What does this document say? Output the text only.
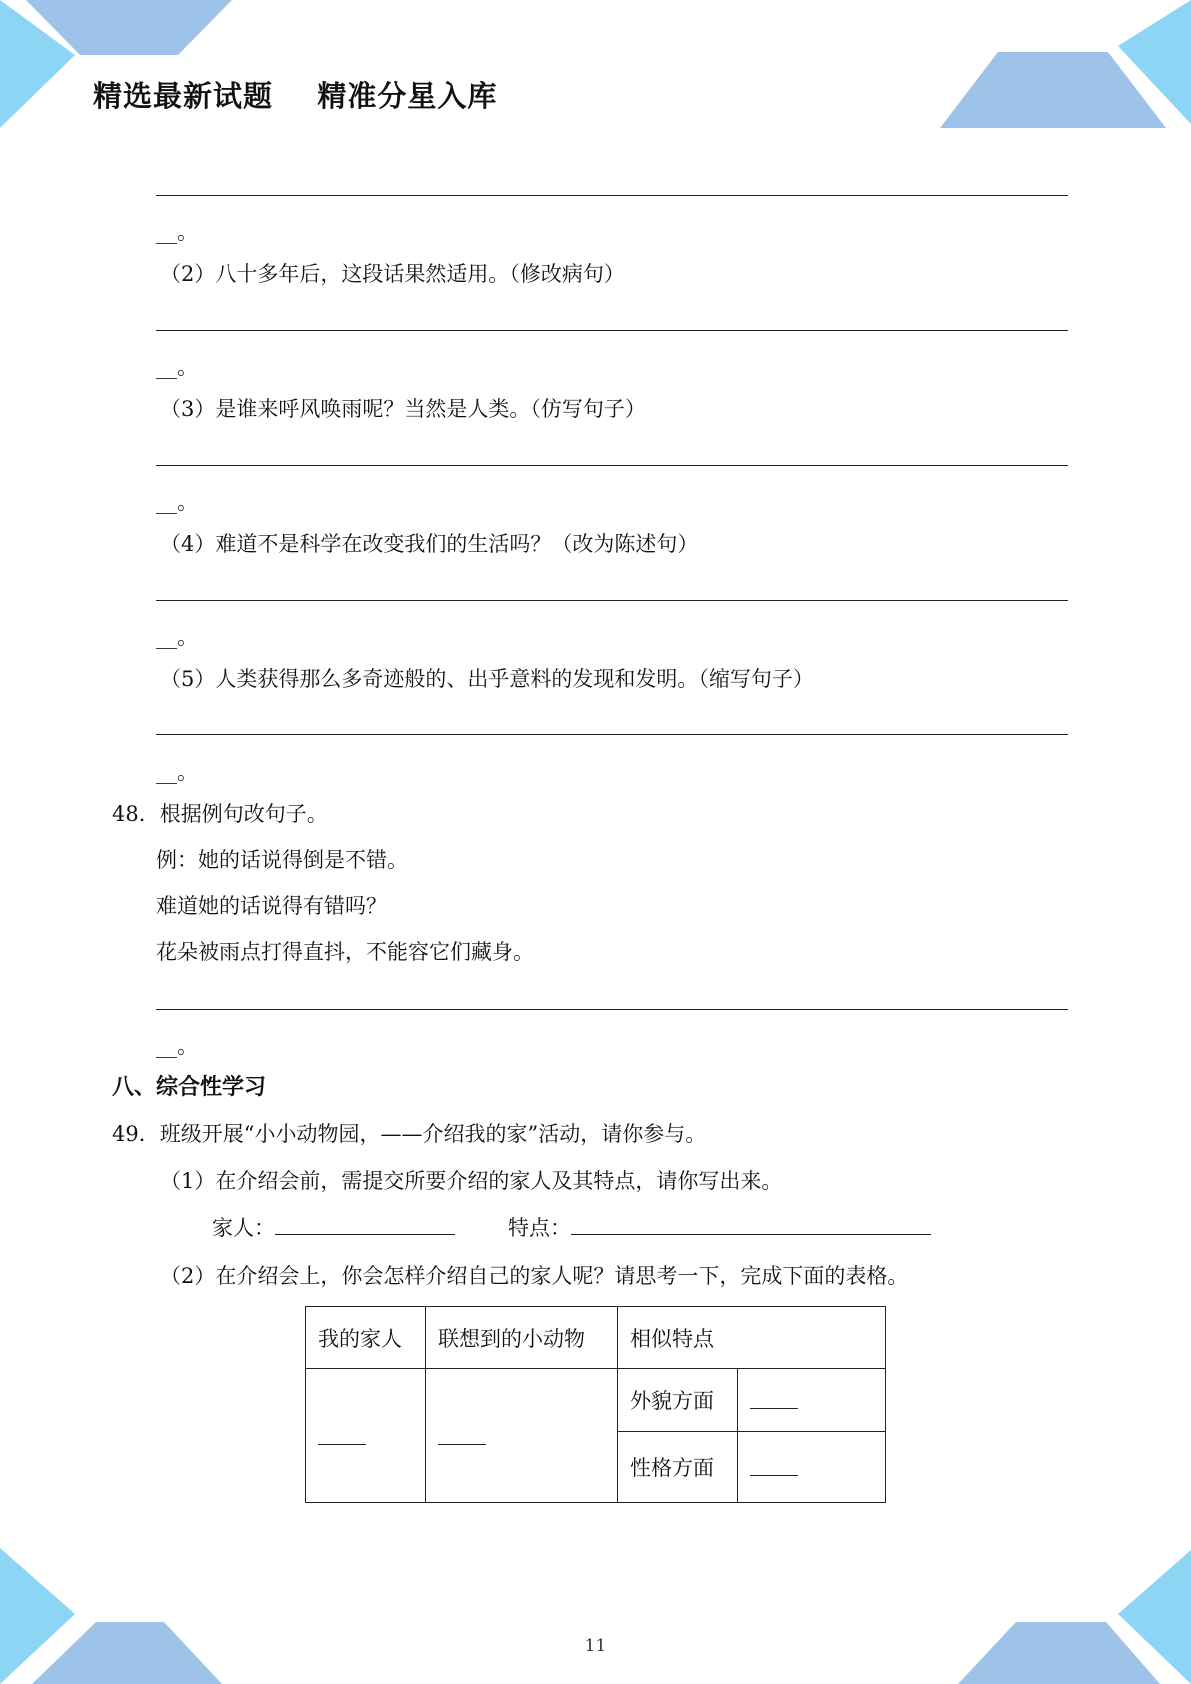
精选最新试题    精准分星入库
__。
（2）八十多年后，这段话果然适用。（修改病句）
__。
（3）是谁来呼风唤雨呢？当然是人类。（仿写句子）
__。
（4）难道不是科学在改变我们的生活吗？（改为陈述句）
__。
（5）人类获得那么多奇迹般的、出乎意料的发现和发明。（缩写句子）
__。
48．根据例句改句子。
例：她的话说得倒是不错。
难道她的话说得有错吗？
花朵被雨点打得直抖，不能容它们藏身。
__。
八、综合性学习
49．班级开展“小小动物园，——介绍我的家”活动，请你参与。
（1）在介绍会前，需提交所要介绍的家人及其特点，请你写出来。
家人：	特点：
（2）在介绍会上，你会怎样介绍自己的家人呢？请思考一下，完成下面的表格。
我的家人	联想到的小动物	相似特点	
		外貌方面	
		性格方面	
11
